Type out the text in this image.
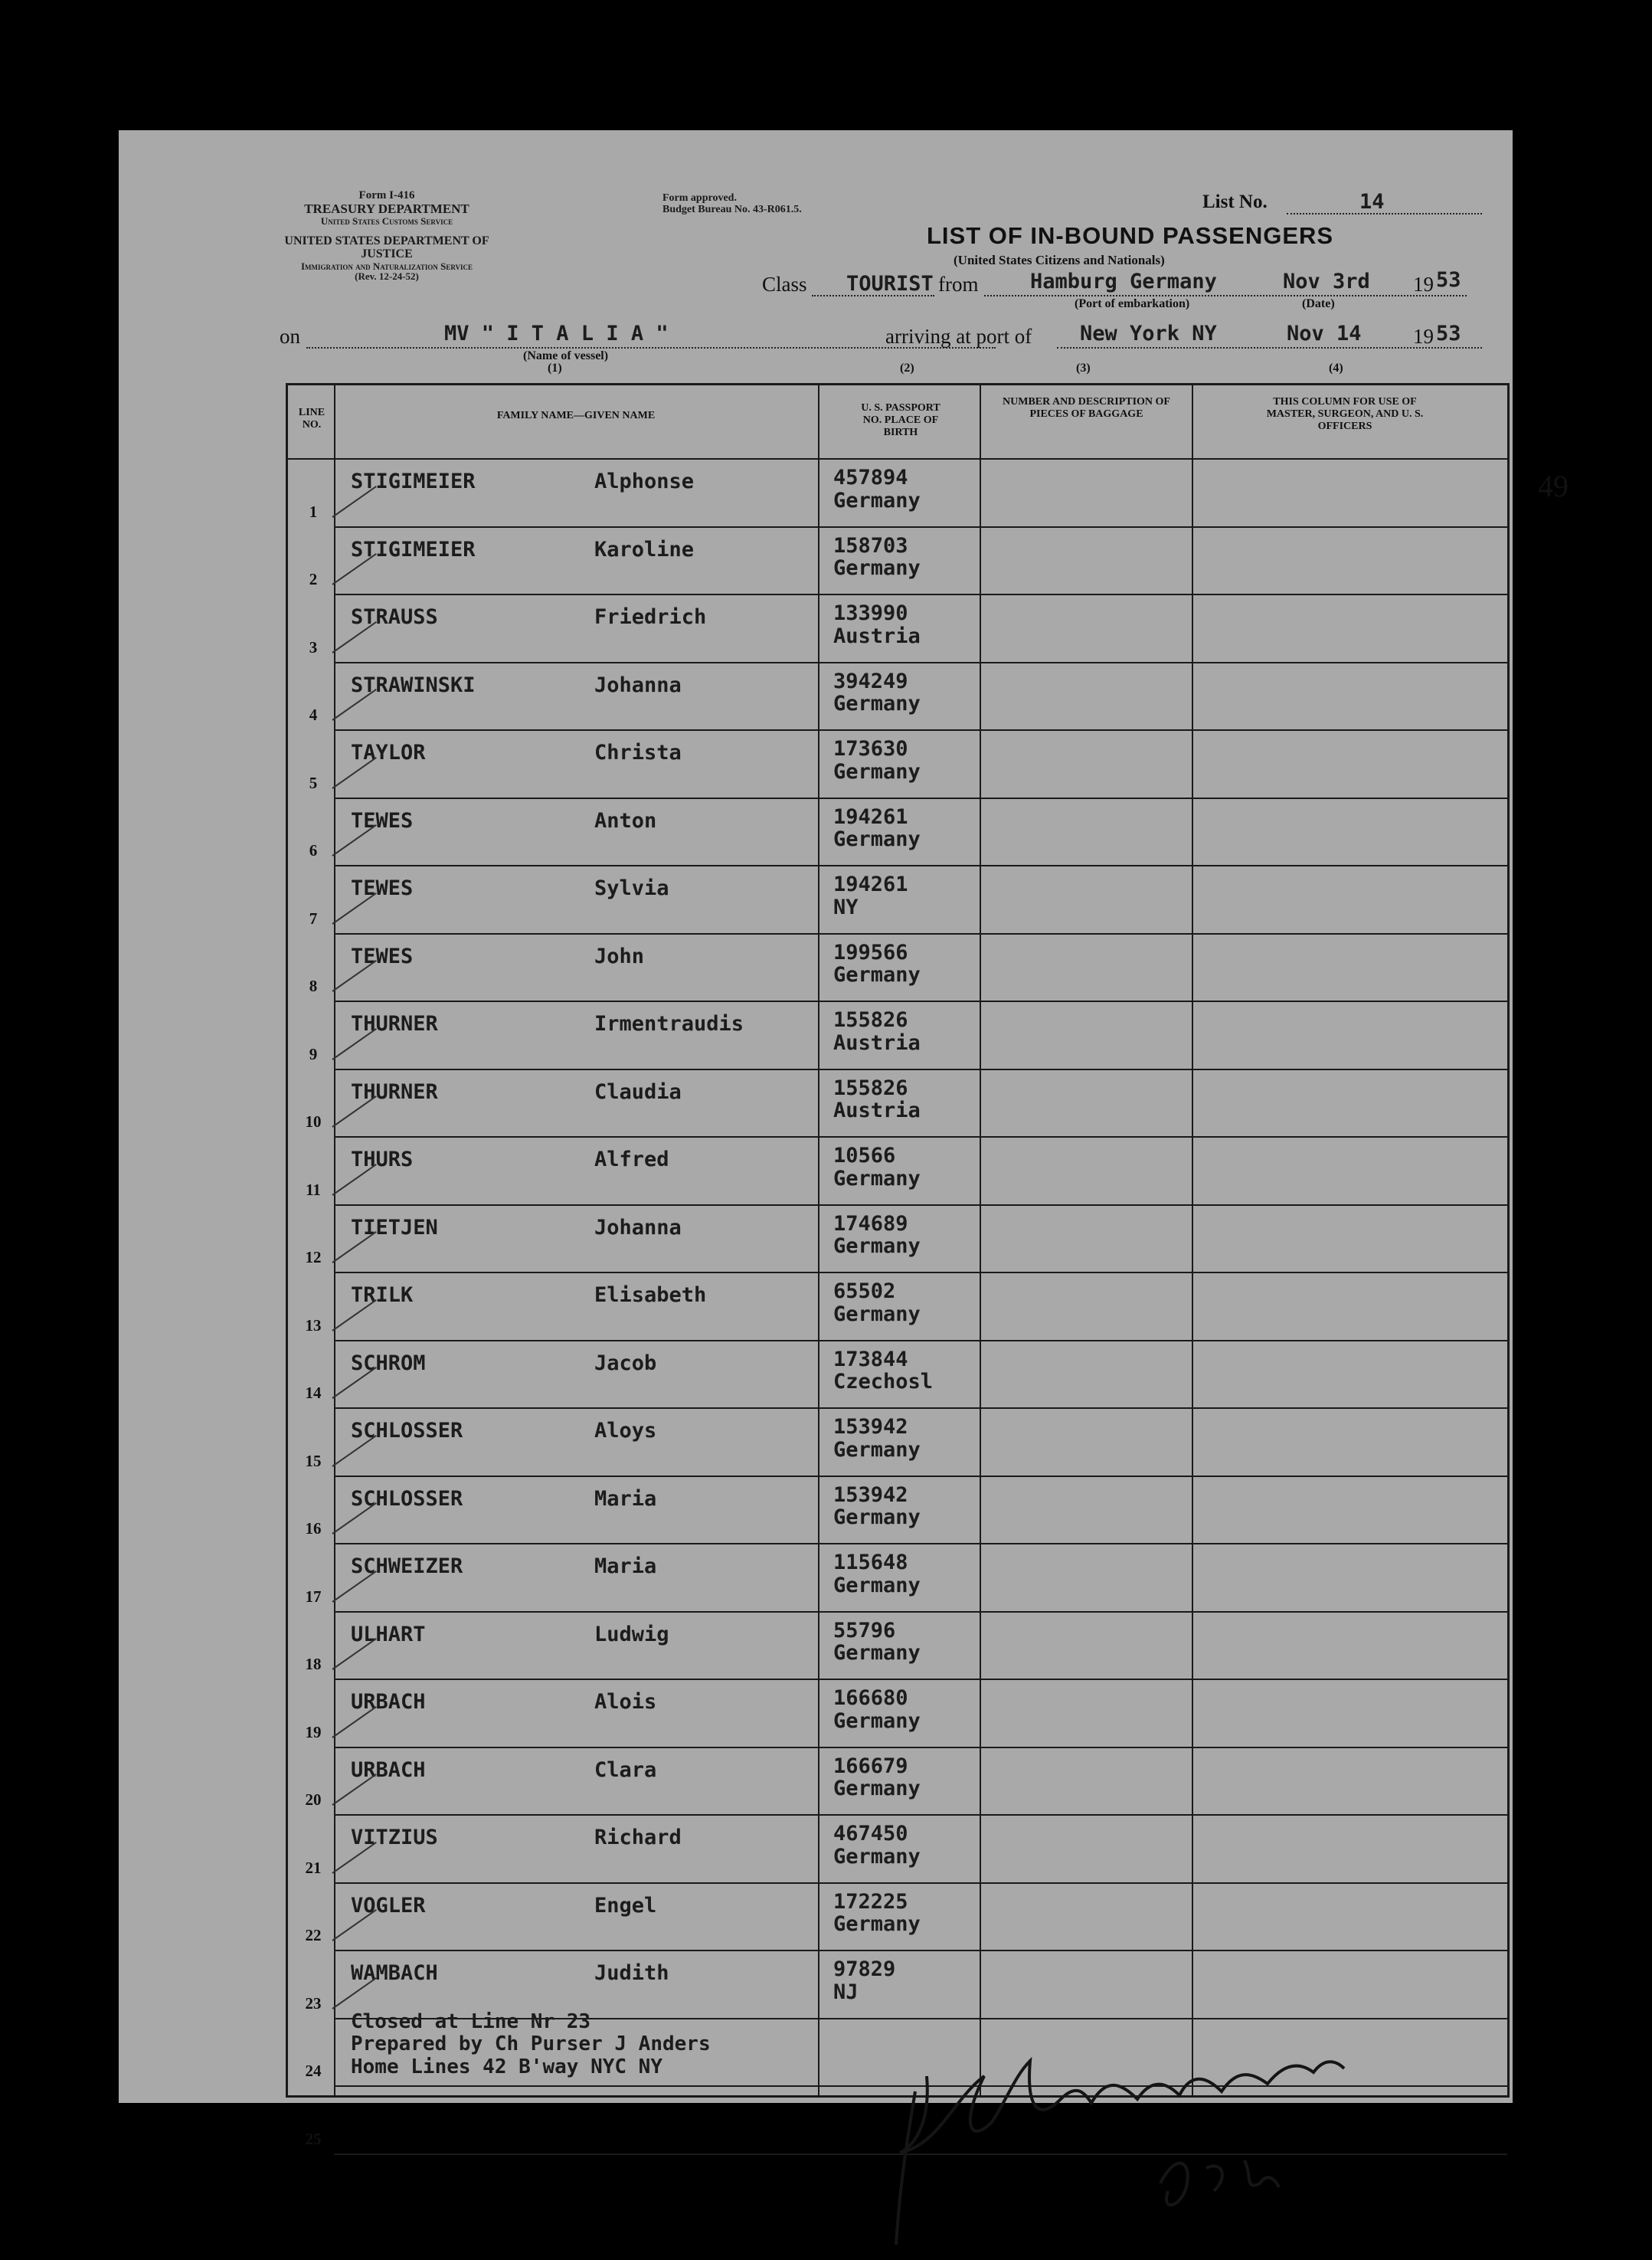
Form I-416
TREASURY DEPARTMENT
United States Customs Service
UNITED STATES DEPARTMENT OF JUSTICE
Immigration and Naturalization Service
(Rev. 12-24-52)
Form approved.
Budget Bureau No. 43-R061.5.	List No.	14
LIST OF IN-BOUND PASSENGERS
(United States Citizens and Nationals)
Class TOURIST from	Hamburg Germany	Nov 3rd 19 53
(Port of embarkation)	(Date)
on	MV " I T A L I A "
(Name of vessel)
(1)
arriving at port of New York NY	Nov 14 19 53
(2)	(3)	(4)
LINE NO.
FAMILY NAME—GIVEN NAME
U. S. PASSPORT NO. PLACE OF BIRTH
NUMBER AND DESCRIPTION OF PIECES OF BAGGAGE
THIS COLUMN FOR USE OF MASTER, SURGEON, AND U. S. OFFICERS
49
1
STIGIMEIER	Alphonse	457894
Germany
2
STIGIMEIER	Karoline	158703
Germany
3
STRAUSS	Friedrich	133990
Austria
4
STRAWINSKI	Johanna	394249
Germany
5
TAYLOR	Christa	173630
Germany
6
TEWES	Anton	194261
Germany
7
TEWES	Sylvia	194261
NY
8
TEWES	John	199566
Germany
9
THURNER	Irmentraudis	155826
Austria
10
THURNER	Claudia	155826
Austria
11
THURS	Alfred	10566
Germany
12
TIETJEN	Johanna	174689
Germany
13
TRILK	Elisabeth	65502
Germany
14
SCHROM	Jacob	173844
Czechosl
15
SCHLOSSER	Aloys	153942
Germany
16
SCHLOSSER	Maria	153942
Germany
17
SCHWEIZER	Maria	115648
Germany
18
ULHART	Ludwig	55796
Germany
19
URBACH	Alois	166680
Germany
20
URBACH	Clara	166679
Germany
21
VITZIUS	Richard	467450
Germany
22
VOGLER	Engel	172225
Germany
23
WAMBACH	Judith	97829
NJ
24
25
Closed at Line Nr 23
Prepared by Ch Purser J Anders
Home Lines 42 B'way NYC NY
